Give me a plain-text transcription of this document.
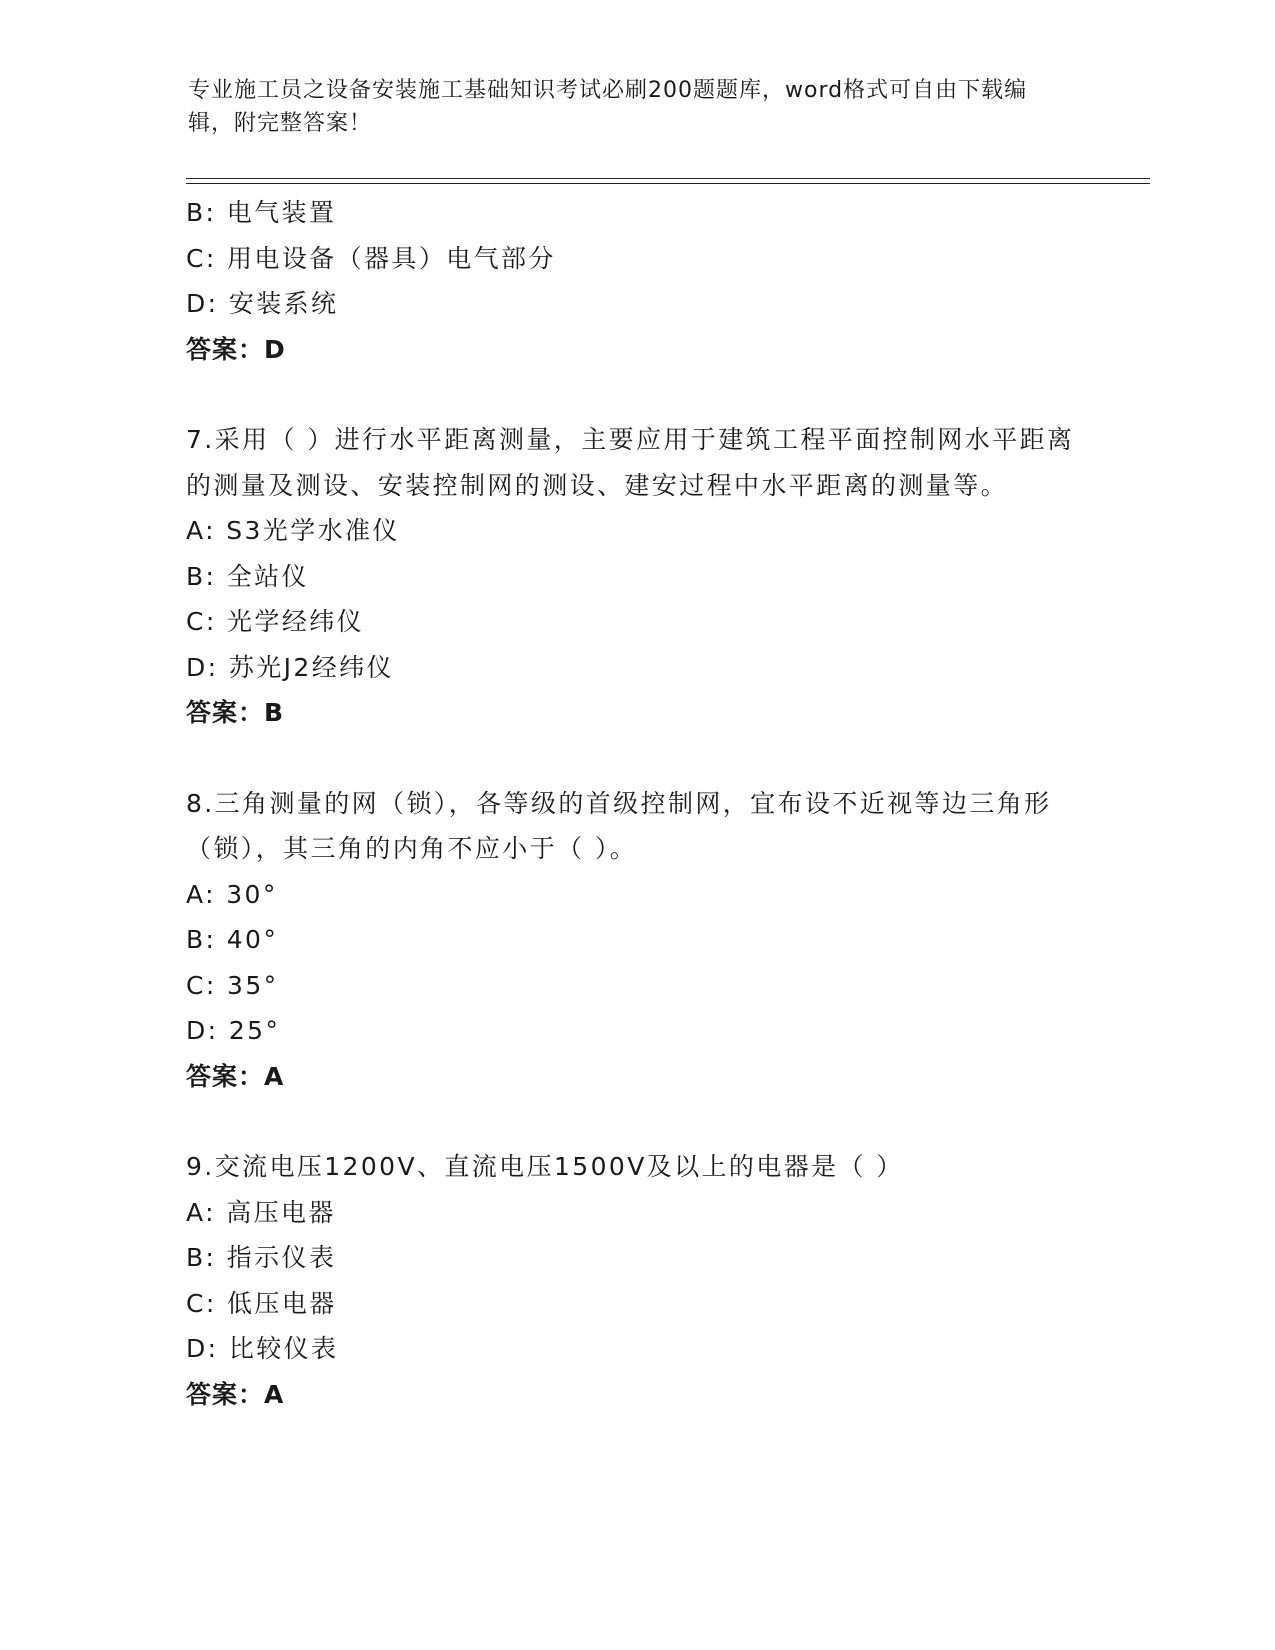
专业施工员之设备安装施工基础知识考试必刷200题题库，word格式可自由下载编辑，附完整答案！
B: 电气装置
C: 用电设备（器具）电气部分
D: 安装系统
答案：D
7.采用（ ）进行水平距离测量，主要应用于建筑工程平面控制网水平距离的测量及测设、安装控制网的测设、建安过程中水平距离的测量等。
A: S3光学水准仪
B: 全站仪
C: 光学经纬仪
D: 苏光J2经纬仪
答案：B
8.三角测量的网（锁），各等级的首级控制网，宜布设不近视等边三角形（锁），其三角的内角不应小于（ ）。
A: 30°
B: 40°
C: 35°
D: 25°
答案：A
9.交流电压1200V、直流电压1500V及以上的电器是（ ）
A: 高压电器
B: 指示仪表
C: 低压电器
D: 比较仪表
答案：A
